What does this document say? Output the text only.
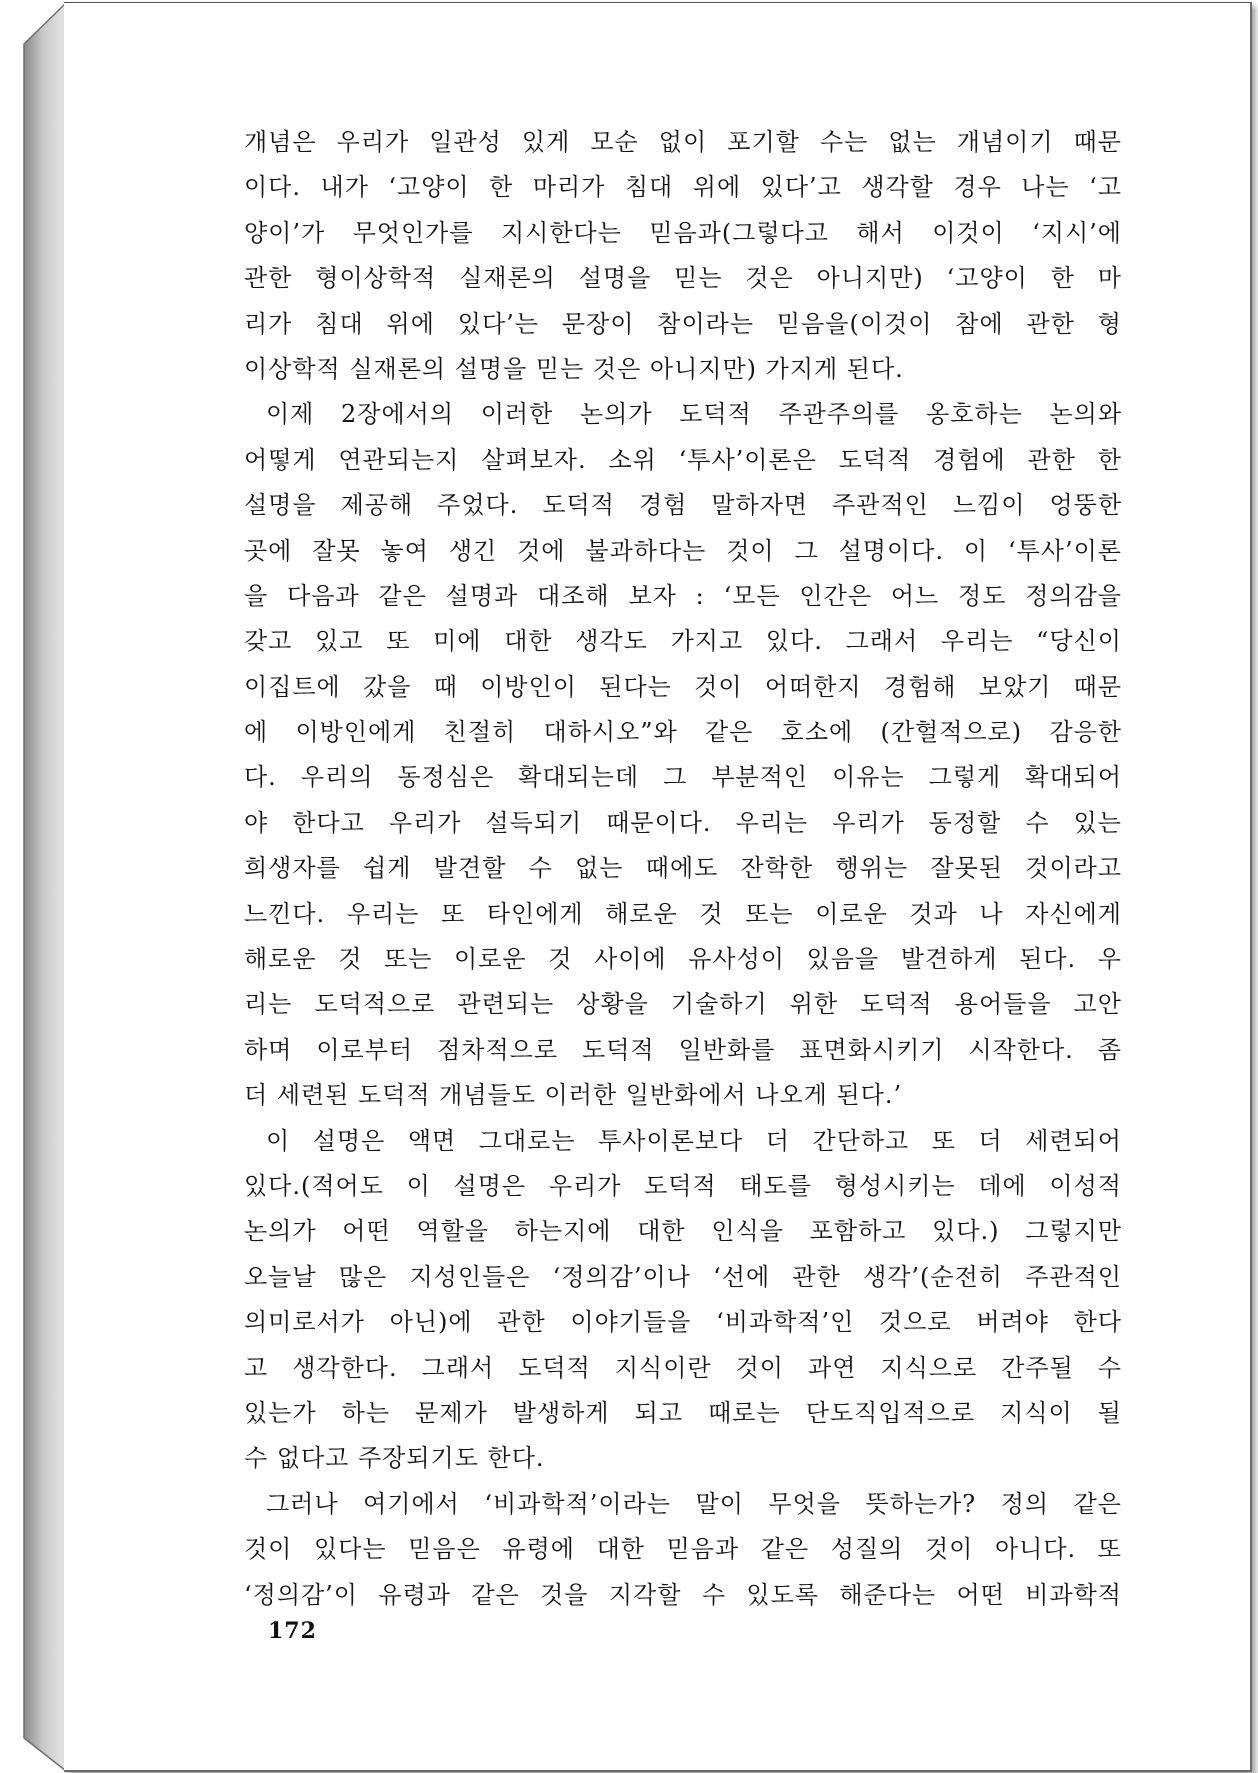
개념은 우리가 일관성 있게 모순 없이 포기할 수는 없는 개념이기 때문
이다. 내가 ‘고양이 한 마리가 침대 위에 있다’고 생각할 경우 나는 ‘고
양이’가 무엇인가를 지시한다는 믿음과(그렇다고 해서 이것이 ‘지시’에
관한 형이상학적 실재론의 설명을 믿는 것은 아니지만) ‘고양이 한 마
리가 침대 위에 있다’는 문장이 참이라는 믿음을(이것이 참에 관한 형
이상학적 실재론의 설명을 믿는 것은 아니지만) 가지게 된다.
이제 2장에서의 이러한 논의가 도덕적 주관주의를 옹호하는 논의와
어떻게 연관되는지 살펴보자. 소위 ‘투사’이론은 도덕적 경험에 관한 한
설명을 제공해 주었다. 도덕적 경험 말하자면 주관적인 느낌이 엉뚱한
곳에 잘못 놓여 생긴 것에 불과하다는 것이 그 설명이다. 이 ‘투사’이론
을 다음과 같은 설명과 대조해 보자 : ‘모든 인간은 어느 정도 정의감을
갖고 있고 또 미에 대한 생각도 가지고 있다. 그래서 우리는 “당신이
이집트에 갔을 때 이방인이 된다는 것이 어떠한지 경험해 보았기 때문
에 이방인에게 친절히 대하시오”와 같은 호소에 (간헐적으로) 감응한
다. 우리의 동정심은 확대되는데 그 부분적인 이유는 그렇게 확대되어
야 한다고 우리가 설득되기 때문이다. 우리는 우리가 동정할 수 있는
희생자를 쉽게 발견할 수 없는 때에도 잔학한 행위는 잘못된 것이라고
느낀다. 우리는 또 타인에게 해로운 것 또는 이로운 것과 나 자신에게
해로운 것 또는 이로운 것 사이에 유사성이 있음을 발견하게 된다. 우
리는 도덕적으로 관련되는 상황을 기술하기 위한 도덕적 용어들을 고안
하며 이로부터 점차적으로 도덕적 일반화를 표면화시키기 시작한다. 좀
더 세련된 도덕적 개념들도 이러한 일반화에서 나오게 된다.’
이 설명은 액면 그대로는 투사이론보다 더 간단하고 또 더 세련되어
있다.(적어도 이 설명은 우리가 도덕적 태도를 형성시키는 데에 이성적
논의가 어떤 역할을 하는지에 대한 인식을 포함하고 있다.) 그렇지만
오늘날 많은 지성인들은 ‘정의감’이나 ‘선에 관한 생각’(순전히 주관적인
의미로서가 아닌)에 관한 이야기들을 ‘비과학적’인 것으로 버려야 한다
고 생각한다. 그래서 도덕적 지식이란 것이 과연 지식으로 간주될 수
있는가 하는 문제가 발생하게 되고 때로는 단도직입적으로 지식이 될
수 없다고 주장되기도 한다.
그러나 여기에서 ‘비과학적’이라는 말이 무엇을 뜻하는가? 정의 같은
것이 있다는 믿음은 유령에 대한 믿음과 같은 성질의 것이 아니다. 또
‘정의감’이 유령과 같은 것을 지각할 수 있도록 해준다는 어떤 비과학적
172
